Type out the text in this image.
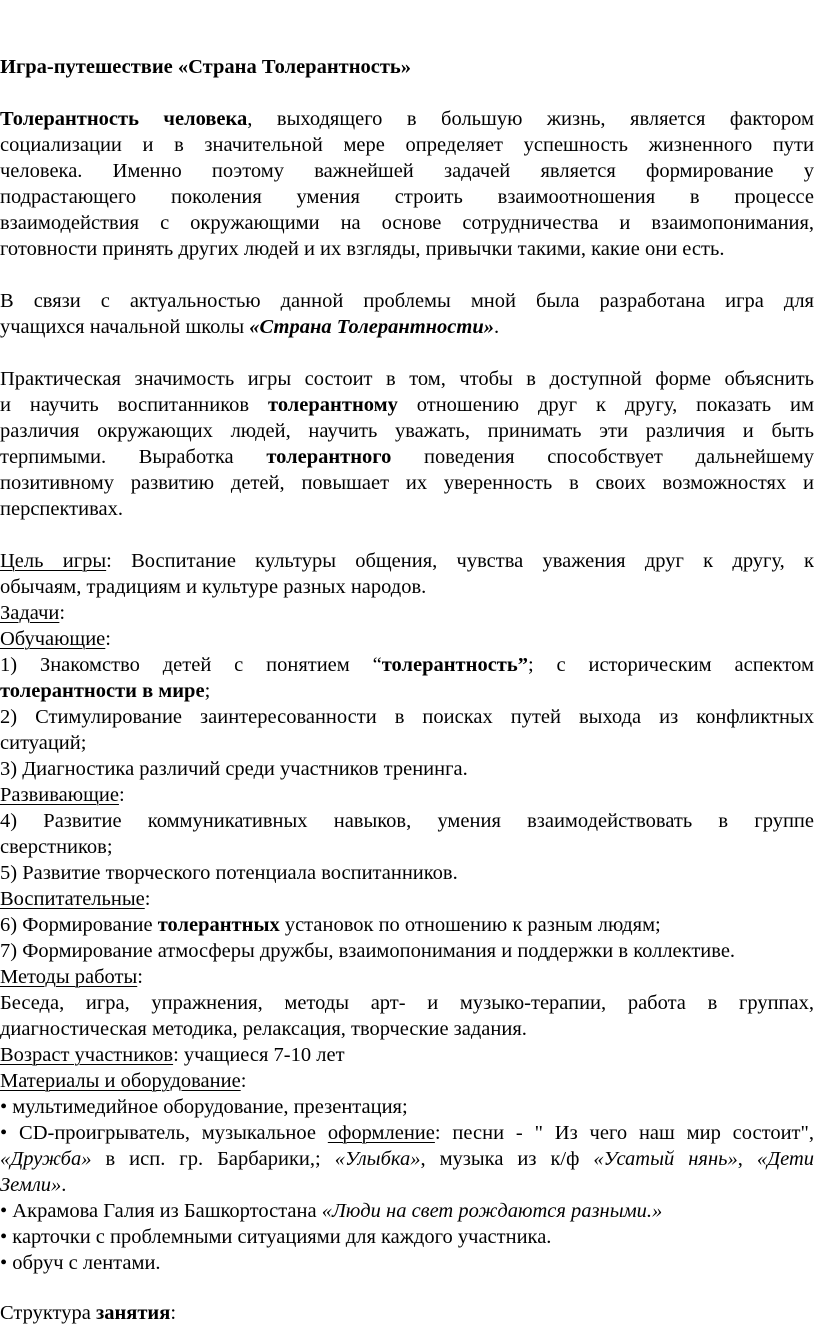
Игра-путешествие «Страна Толерантность»

Толерантность человека, выходящего в большую жизнь, является фактором

социализации и в значительной мере определяет успешность жизненного пути

человека. Именно поэтому важнейшей задачей является формирование у

подрастающего поколения умения строить взаимоотношения в процессе

взаимодействия с окружающими на основе сотрудничества и взаимопонимания,

готовности принять других людей и их взгляды, привычки такими, какие они есть.

В связи с актуальностью данной проблемы мной была разработана игра для

учащихся начальной школы «Страна Толерантности».

Практическая значимость игры состоит в том, чтобы в доступной форме объяснить

и научить воспитанников толерантному отношению друг к другу, показать им

различия окружающих людей, научить уважать, принимать эти различия и быть

терпимыми. Выработка толерантного поведения способствует дальнейшему

позитивному развитию детей, повышает их уверенность в своих возможностях и

перспективах.

Цель игры: Воспитание культуры общения, чувства уважения друг к другу, к

обычаям, традициям и культуре разных народов.

Задачи:

Обучающие:

1) Знакомство детей с понятием “толерантность”; с историческим аспектом

толерантности в мире;

2) Стимулирование заинтересованности в поисках путей выхода из конфликтных

ситуаций;

3) Диагностика различий среди участников тренинга.

Развивающие:

4) Развитие коммуникативных навыков, умения взаимодействовать в группе

сверстников;

5) Развитие творческого потенциала воспитанников.

Воспитательные:

6) Формирование толерантных установок по отношению к разным людям;

7) Формирование атмосферы дружбы, взаимопонимания и поддержки в коллективе.

Методы работы:

Беседа, игра, упражнения, методы арт- и музыко-терапии, работа в группах,

диагностическая методика, релаксация, творческие задания.

Возраст участников: учащиеся 7-10 лет

Материалы и оборудование:

• мультимедийное оборудование, презентация;

• CD-проигрыватель, музыкальное оформление: песни - " Из чего наш мир состоит",

«Дружба» в исп. гр. Барбарики,; «Улыбка», музыка из к/ф «Усатый нянь», «Дети

Земли».

• Акрамова Галия из Башкортостана «Люди на свет рождаются разными.»

• карточки с проблемными ситуациями для каждого участника.

• обруч с лентами.

Структура занятия:
